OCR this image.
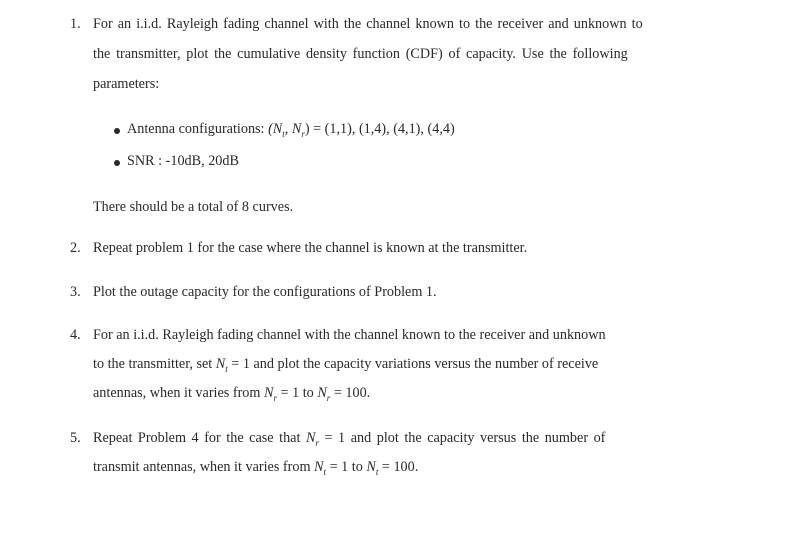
1. For an i.i.d. Rayleigh fading channel with the channel known to the receiver and unknown to
the transmitter, plot the cumulative density function (CDF) of capacity. Use the following
parameters:
Antenna configurations: ($N_t$, $N_r) = (1,1)$, (1,4), (4,1), (4,4)
SNR : -10dB, 20dB
There should be a total of 8 curves.
2. Repeat problem 1 for the case where the channel is known at the transmitter.
3. Plot the outage capacity for the configurations of Problem 1.
4. For an i.i.d. Rayleigh fading channel with the channel known to the receiver and unknown
to the transmitter, set $N_t = 1$ and plot the capacity variations versus the number of receive
antennas, when it varies from $N_r = 1$ to $N_r = 100$.
5. Repeat Problem 4 for the case that $N_r = 1$ and plot the capacity versus the number of
transmit antennas, when it varies from $N_t = 1$ to $N_t = 100$.
